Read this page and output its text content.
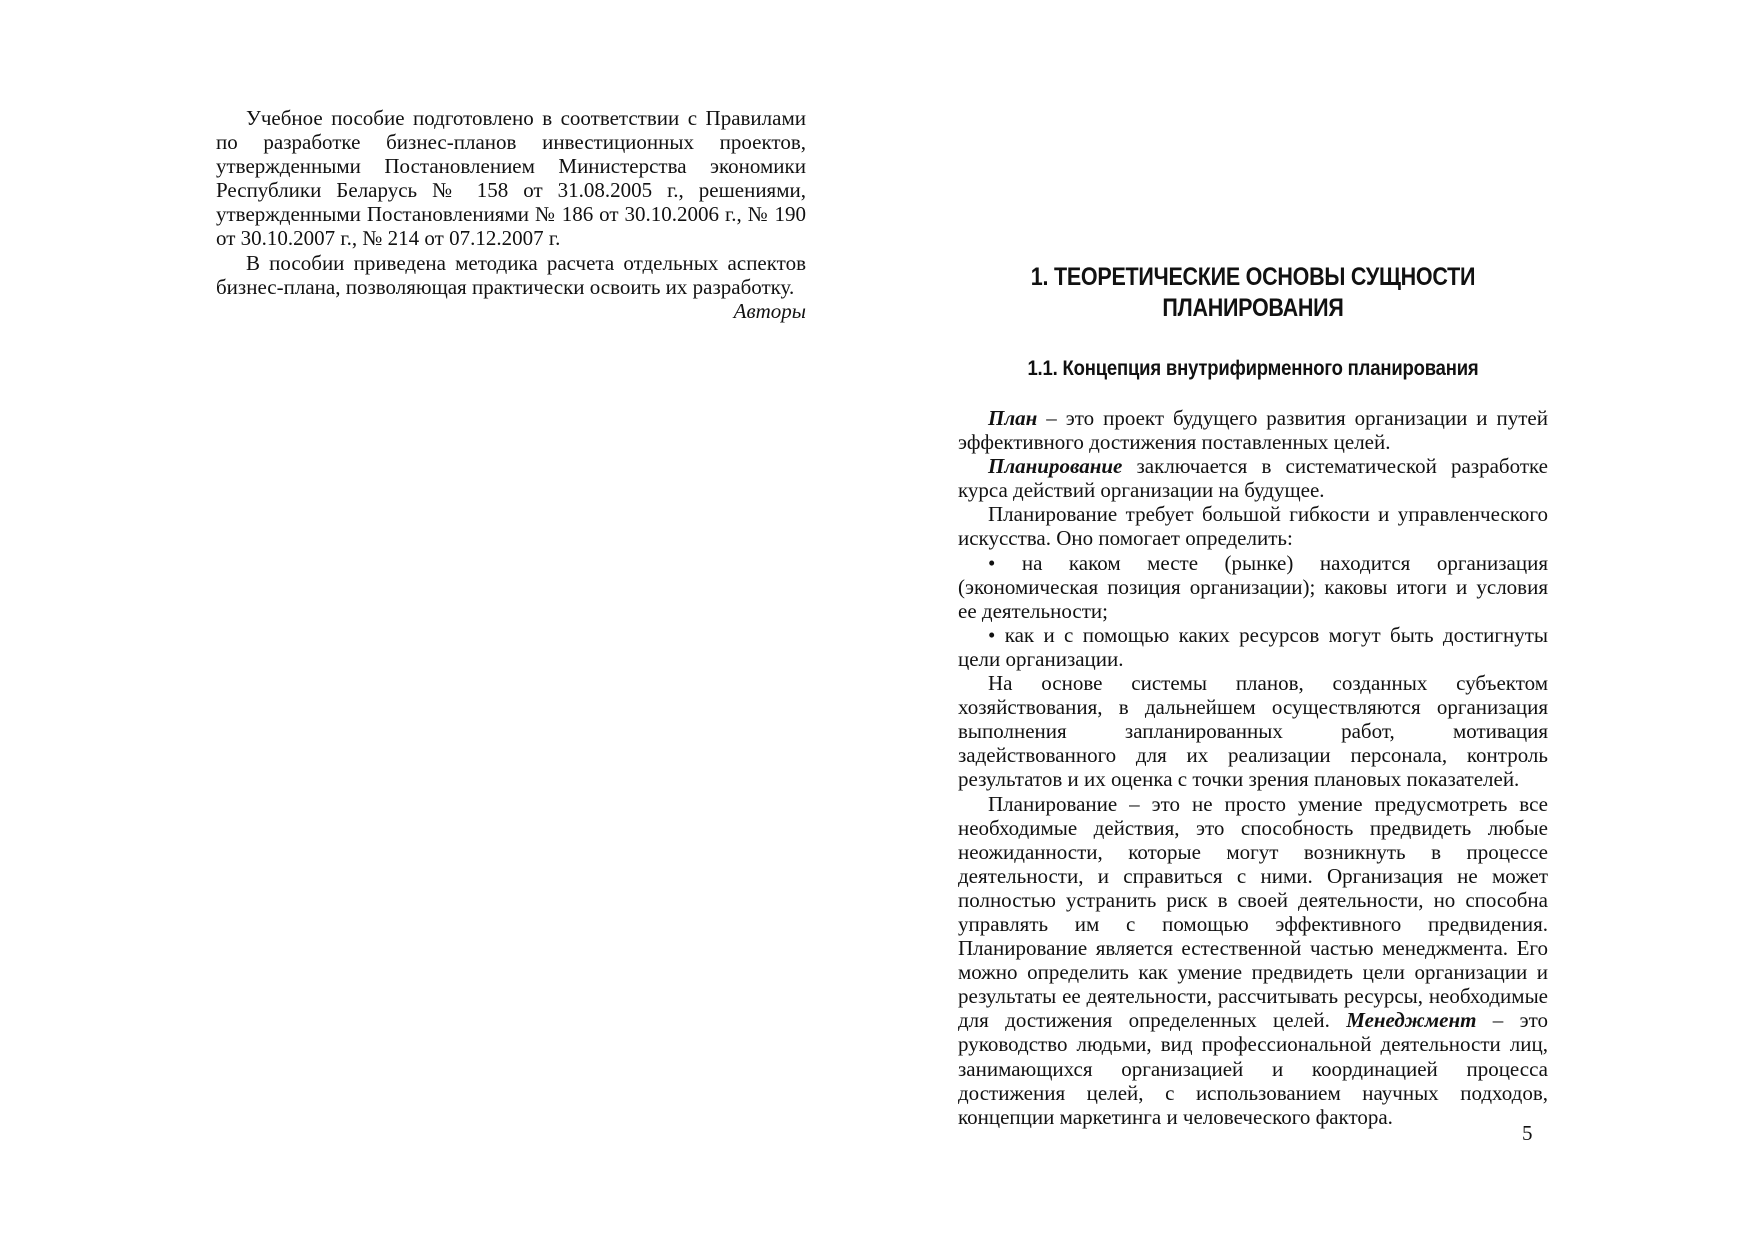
Учебное пособие подготовлено в соответствии с Правилами по разработке бизнес-планов инвестиционных проектов, утвержденными Постановлением Министерства экономики Республики Беларусь № 158 от 31.08.2005 г., решениями, утвержденными Постановлениями № 186 от 30.10.2006 г., № 190 от 30.10.2007 г., № 214 от 07.12.2007 г.

В пособии приведена методика расчета отдельных аспектов бизнес-плана, позволяющая практически освоить их разработку.

Авторы

1. ТЕОРЕТИЧЕСКИЕ ОСНОВЫ СУЩНОСТИ
ПЛАНИРОВАНИЯ
1.1. Концепция внутрифирменного планирования

План – это проект будущего развития организации и путей эффективного достижения поставленных целей.

Планирование заключается в систематической разработке курса действий организации на будущее.

Планирование требует большой гибкости и управленческого искусства. Оно помогает определить:

• на каком месте (рынке) находится организация (экономическая позиция организации); каковы итоги и условия ее деятельности;

• как и с помощью каких ресурсов могут быть достигнуты цели организации.

На основе системы планов, созданных субъектом хозяйствования, в дальнейшем осуществляются организация выполнения запланированных работ, мотивация задействованного для их реализации персонала, контроль результатов и их оценка с точки зрения плановых показателей.

Планирование – это не просто умение предусмотреть все необходимые действия, это способность предвидеть любые неожиданности, которые могут возникнуть в процессе деятельности, и справиться с ними. Организация не может полностью устранить риск в своей деятельности, но способна управлять им с помощью эффективного предвидения. Планирование является естественной частью менеджмента. Его можно определить как умение предвидеть цели организации и результаты ее деятельности, рассчитывать ресурсы, необходимые для достижения определенных целей. Менеджмент – это руководство людьми, вид профессиональной деятельности лиц, занимающихся организацией и координацией процесса достижения целей, с использованием научных подходов, концепции маркетинга и человеческого фактора.

5
